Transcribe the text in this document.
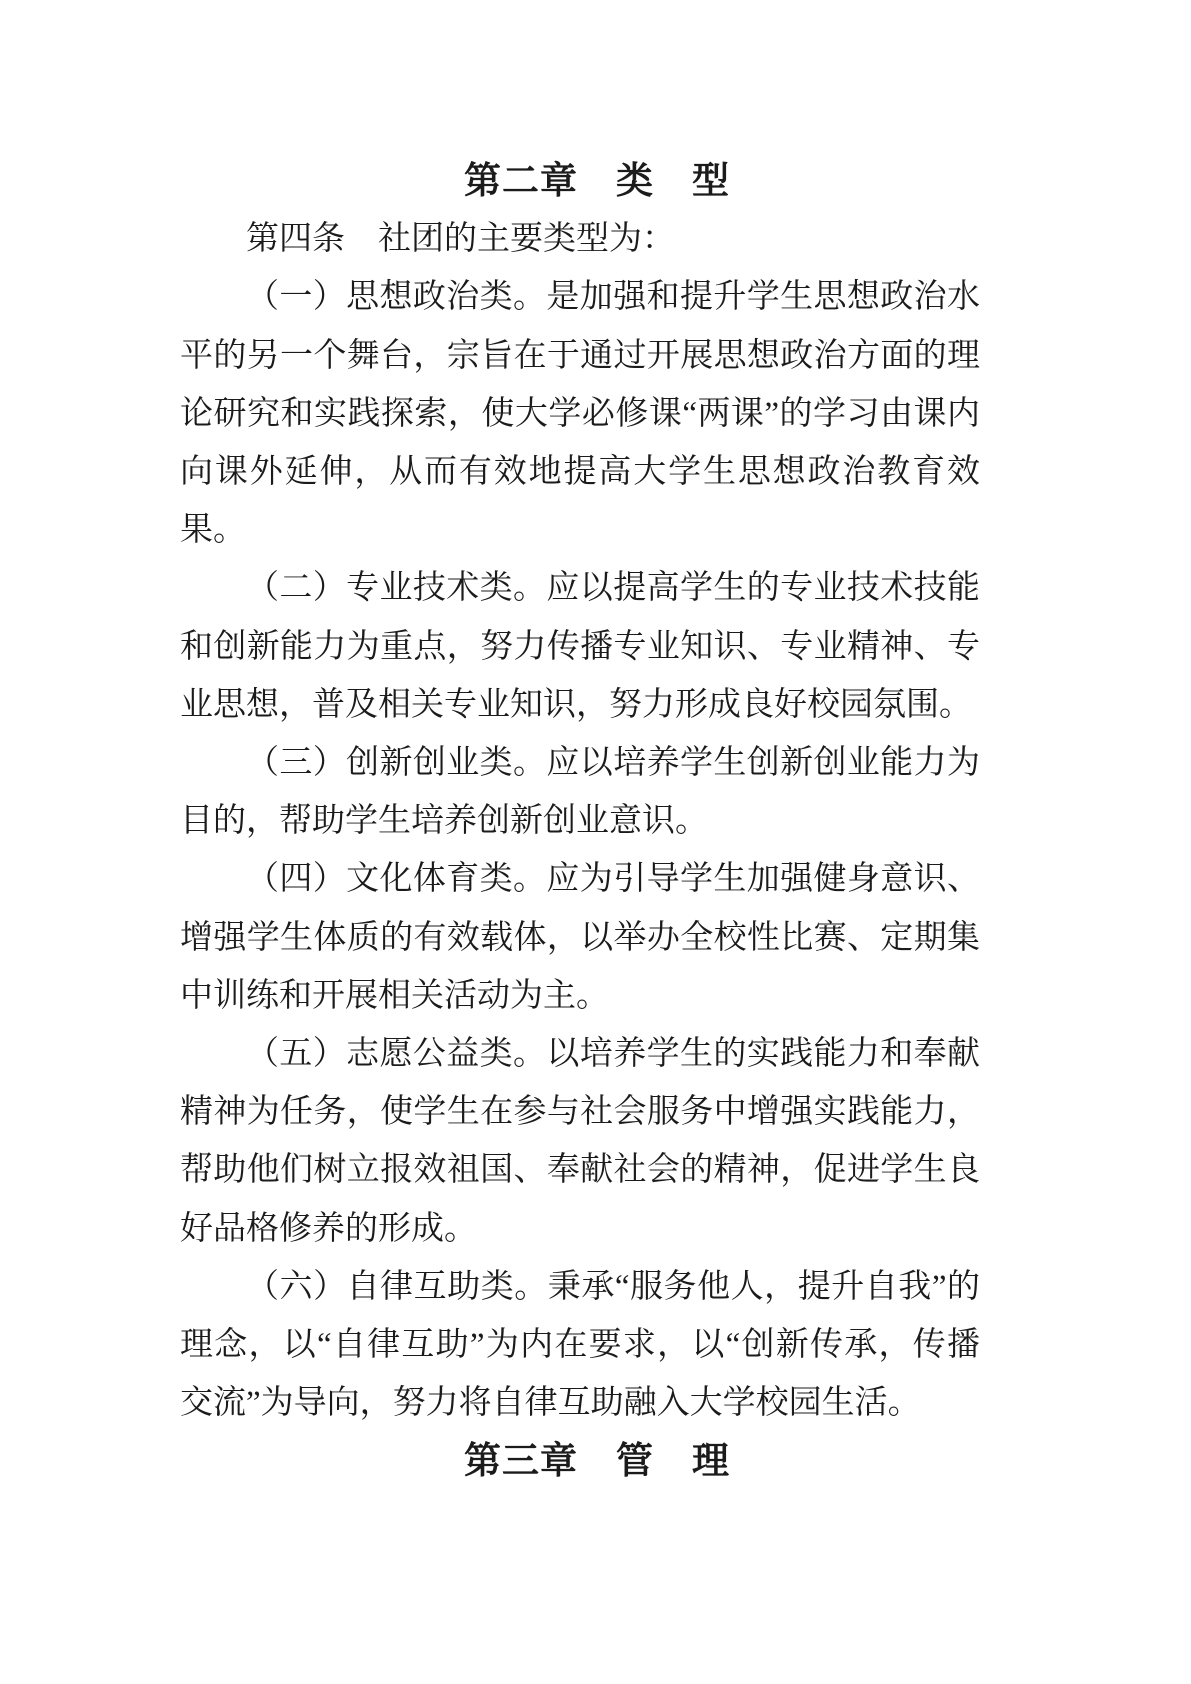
第二章　类　型

第四条　社团的主要类型为：

（一）思想政治类。是加强和提升学生思想政治水平的另一个舞台，宗旨在于通过开展思想政治方面的理论研究和实践探索，使大学必修课“两课”的学习由课内向课外延伸，从而有效地提高大学生思想政治教育效果。

（二）专业技术类。应以提高学生的专业技术技能和创新能力为重点，努力传播专业知识、专业精神、专业思想，普及相关专业知识，努力形成良好校园氛围。

（三）创新创业类。应以培养学生创新创业能力为目的，帮助学生培养创新创业意识。

（四）文化体育类。应为引导学生加强健身意识、增强学生体质的有效载体，以举办全校性比赛、定期集中训练和开展相关活动为主。

（五）志愿公益类。以培养学生的实践能力和奉献精神为任务，使学生在参与社会服务中增强实践能力，帮助他们树立报效祖国、奉献社会的精神，促进学生良好品格修养的形成。

（六）自律互助类。秉承“服务他人，提升自我”的理念，以“自律互助”为内在要求，以“创新传承，传播交流”为导向，努力将自律互助融入大学校园生活。

第三章　管　理
